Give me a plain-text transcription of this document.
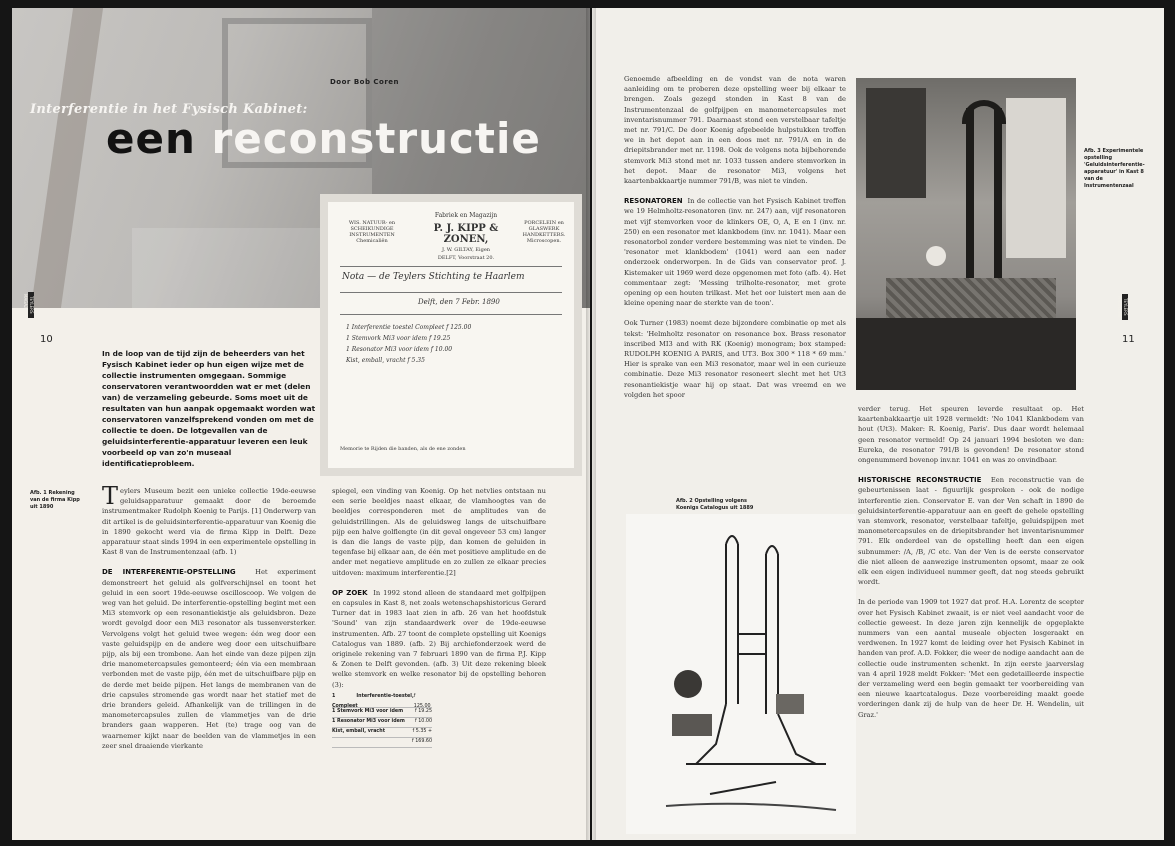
Door Bob Coren
Interferentie in het Fysisch Kabinet:
een reconstructie
WIS. NATUUR- en SCHEIKUNDIGE INSTRUMENTEN Chemicaliën
Fabriek en Magazijn
P. J. KIPP & ZONEN,
J. W. GILTAY, Eigen
DELFT, Voorstraat 20.
PORCELEIN en GLASWERK HANDKETTERS. Microscopen.
Nota — de Teylers Stichting te Haarlem
Delft, den 7 Febr. 1890
1 Interferentie toestel Compleet f 125.00
1 Stemvork Mi3 voor idem f 19.25
1 Resonator Mi3 voor idem f 10.00
Kist, emball, vracht f 5.35
Memorie te Rijden die banden, als de ene zonden
TEYLERS MAGAZINE
10
In de loop van de tijd zijn de beheerders van het Fysisch Kabinet ieder op hun eigen wijze met de collectie instrumenten omgegaan. Sommige conservatoren verantwoordden wat er met (delen van) de verzameling gebeurde. Soms moet uit de resultaten van hun aanpak opgemaakt worden wat conservatoren vanzelfsprekend vonden om met de collectie te doen. De lotgevallen van de geluidsinterferentie-apparatuur leveren een leuk voorbeeld op van zo'n museaal identificatieprobleem.
Afb. 1 Rekening van de firma Kipp uit 1890	Teylers Museum bezit een unieke collectie 19de-eeuwse geluidsapparatuur gemaakt door de beroemde instrumentmaker Rudolph Koenig te Parijs. [1] Onderwerp van dit artikel is de geluidsinterferentie-apparatuur van Koenig die in 1890 gekocht werd via de firma Kipp in Delft. Deze apparatuur staat sinds 1994 in een experimentele opstelling in Kast 8 van de Instrumentenzaal (afb. 1)

DE INTERFERENTIE-OPSTELLING	Het experiment demonstreert het geluid als golfverschijnsel en toont het geluid in een soort 19de-eeuwse oscilloscoop. We volgen de weg van het geluid. De interferentie-opstelling begint met een Mi3 stemvork op een resonantiekistje als geluidsbron. Deze wordt gevolgd door een Mi3 resonator als tussenversterker. Vervolgens volgt het geluid twee wegen: één weg door een vaste geluidspijp en de andere weg door een uitschuifbare pijp, als bij een trombone. Aan het einde van deze pijpen zijn drie manometercapsules gemonteerd; één via een membraan verbonden met de vaste pijp, één met de uitschuifbare pijp en de derde met beide pijpen. Het langs de membranen van de drie capsules stromende gas wordt naar het statief met de drie branders geleid. Afhankelijk van de trillingen in de manometercapsules zullen de vlammetjes van de drie branders gaan wapperen. Het (te) trage oog van de waarnemer kijkt naar de beelden van de vlammetjes in een zeer snel draaiende vierkante

spiegel, een vinding van Koenig. Op het netvlies ontstaan nu een serie beeldjes naast elkaar, de vlamhoogtes van de beeldjes corresponderen met de amplitudes van de geluidstrillingen. Als de geluidsweg langs de uitschuifbare pijp een halve golflengte (in dit geval ongeveer 53 cm) langer is dan die langs de vaste pijp, dan komen de geluiden in tegenfase bij elkaar aan, de één met positieve amplitude en de ander met negatieve amplitude en zo zullen ze elkaar precies uitdoven: maximum interferentie.[2]

OP ZOEK In 1992 stond alleen de standaard met golfpijpen en capsules in Kast 8, net zoals wetenschapshistoricus Gerard Turner dat in 1983 laat zien in afb. 26 van het hoofdstuk 'Sound' van zijn standaardwerk over de 19de-eeuwse instrumenten. Afb. 27 toont de complete opstelling uit Koenigs Catalogus van 1889. (afb. 2) Bij archiefonderzoek werd de originele rekening van 7 februari 1890 van de firma P.J. Kipp & Zonen te Delft gevonden. (afb. 3) Uit deze rekening bleek welke stemvork en welke resonator bij de opstelling behoren (3):

1 Interferentie-toestel, Compleet
f 125.00
1 Stemvork Mi3 voor idem f 19.25
1 Resonator Mi3 voor idem f 10.00
Kist, emball, vracht	f 5.35 +
f 169.60

Genoemde afbeelding en de vondst van de nota waren aanleiding om te proberen deze opstelling weer bij elkaar te brengen. Zoals gezegd stonden in Kast 8 van de Instrumentenzaal de golfpijpen en manometercapsules met inventarisnummer 791. Daarnaast stond een verstelbaar tafeltje met nr. 791/C. De door Koenig afgebeelde hulpstukken troffen we in het depot aan in een doos met nr. 791/A en in de driepitsbrander met nr. 1198. Ook de volgens nota bijbehorende stemvork Mi3 stond met nr. 1033 tussen andere stemvorken in het depot. Maar de resonator Mi3, volgens het kaartenbakkaartje nummer 791/B, was niet te vinden.

RESONATOREN In de collectie van het Fysisch Kabinet treffen we 19 Helmholtz-resonatoren (inv. nr. 247) aan, vijf resonatoren met vijf stemvorken voor de klinkers OE, O, A, E en I (inv. nr. 250) en een resonator met klankbodem (inv. nr. 1041). Maar een resonatorbol zonder verdere bestemming was niet te vinden. De 'resonator met klankbodem' (1041) werd aan een nader onderzoek onderworpen. In de Gids van conservator prof. J. Kistemaker uit 1969 werd deze opgenomen met foto (afb. 4). Het commentaar zegt: 'Messing trilholte-resonator, met grote opening op een houten trilkast. Met het oor luistert men aan de kleine opening naar de sterkte van de toon'.

Ook Turner (1983) noemt deze bijzondere combinatie op met als tekst: 'Helmholtz resonator on resonance box. Brass resonator inscribed MI3 and with RK (Koenig) monogram; box stamped: RUDOLPH KOENIG A PARIS, and UT3. Box 300 * 118 * 69 mm.' Hier is sprake van een Mi3 resonator, maar wel in een curieuze combinatie. Deze Mi3 resonator resoneert slecht met het Ut3 resonantiekistje waar hij op staat. Dat was vreemd en we volgden het spoor

Afb. 3 Experimentele opstelling 'Geluidsinterferentie-apparatuur' in Kast 8 van de Instrumentenzaal
TEYLERS MAGAZINE
11
Afb. 2 Opstelling volgens Koenigs Catalogus uit 1889

verder terug. Het speuren leverde resultaat op. Het kaartenbakkaartje uit 1928 vermeldt: 'No 1041 Klankbodem van hout (Ut3). Maker: R. Koenig, Paris'. Dus daar wordt helemaal geen resonator vermeld! Op 24 januari 1994 besloten we dan: Eureka, de resonator 791/B is gevonden! De resonator stond ongenummerd bovenop inv.nr. 1041 en was zo onvindbaar.

HISTORISCHE RECONSTRUCTIE Een reconstructie van de gebeurtenissen laat - figuurlijk gesproken - ook de nodige interferentie zien. Conservator E. van der Ven schaft in 1890 de geluidsinterferentie-apparatuur aan en geeft de gehele opstelling van stemvork, resonator, verstelbaar tafeltje, geluidspijpen met manometercapsules en de driepitsbrander het inventarisnummer 791. Elk onderdeel van de opstelling heeft dan een eigen subnummer: /A, /B, /C etc. Van der Ven is de eerste conservator die niet alleen de aanwezige instrumenten opsomt, maar ze ook elk een eigen individueel nummer geeft, dat nog steeds gebruikt wordt.

In de periode van 1909 tot 1927 dat prof. H.A. Lorentz de scepter over het Fysisch Kabinet zwaait, is er niet veel aandacht voor de collectie geweest. In deze jaren zijn kennelijk de opgeplakte nummers van een aantal museale objecten losgeraakt en verdwenen. In 1927 komt de leiding over het Fysisch Kabinet in handen van prof. A.D. Fokker, die weer de nodige aandacht aan de collectie oude instrumenten schenkt. In zijn eerste jaarverslag van 4 april 1928 meldt Fokker: 'Met een gedetailleerde inspectie der verzameling werd een begin gemaakt ter voorbereiding van een nieuwe kaartcatalogus. Deze voorbereiding maakt goede vorderingen dank zij de hulp van de heer Dr. H. Wendelin, uit Graz.'
